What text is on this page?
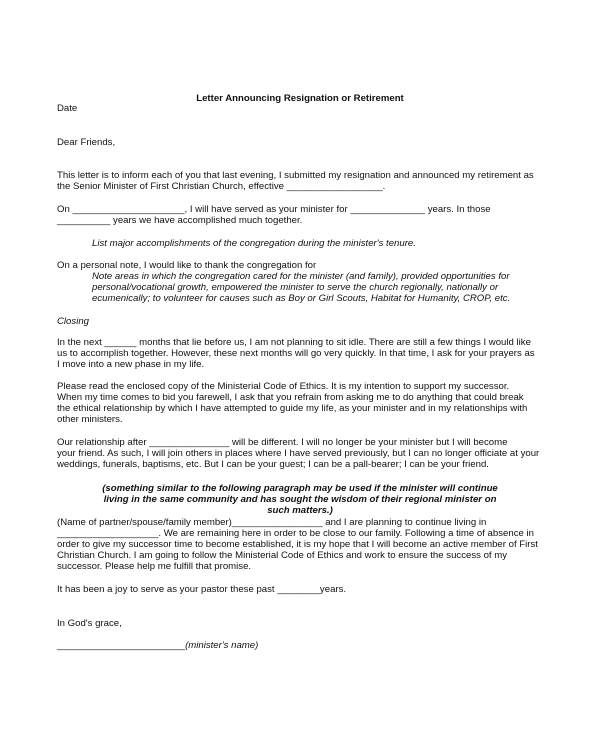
Letter Announcing Resignation or Retirement
Date
Dear Friends,
This letter is to inform each of you that last evening, I submitted my resignation and announced my retirement as
the Senior Minister of First Christian Church, effective __________________.
On _____________________, I will have served as your minister for ______________ years. In those
__________ years we have accomplished much together.
List major accomplishments of the congregation during the minister's tenure.
On a personal note, I would like to thank the congregation for
Note areas in which the congregation cared for the minister (and family), provided opportunities for
personal/vocational growth, empowered the minister to serve the church regionally, nationally or
ecumenically; to volunteer for causes such as Boy or Girl Scouts, Habitat for Humanity, CROP, etc.
Closing
In the next ______ months that lie before us, I am not planning to sit idle. There are still a few things I would like
us to accomplish together. However, these next months will go very quickly. In that time, I ask for your prayers as
I move into a new phase in my life.
Please read the enclosed copy of the Ministerial Code of Ethics. It is my intention to support my successor.
When my time comes to bid you farewell, I ask that you refrain from asking me to do anything that could break
the ethical relationship by which I have attempted to guide my life, as your minister and in my relationships with
other ministers.
Our relationship after _______________ will be different. I will no longer be your minister but I will become
your friend. As such, I will join others in places where I have served previously, but I can no longer officiate at your
weddings, funerals, baptisms, etc. But I can be your guest; I can be a pall-bearer; I can be your friend.
(something similar to the following paragraph may be used if the minister will continue
living in the same community and has sought the wisdom of their regional minister on
such matters.)
(Name of partner/spouse/family member)_________________ and I are planning to continue living in
___________________. We are remaining here in order to be close to our family. Following a time of absence in
order to give my successor time to become established, it is my hope that I will become an active member of First
Christian Church. I am going to follow the Ministerial Code of Ethics and work to ensure the success of my
successor. Please help me fulfill that promise.
It has been a joy to serve as your pastor these past ________years.
In God's grace,
________________________(minister's name)
